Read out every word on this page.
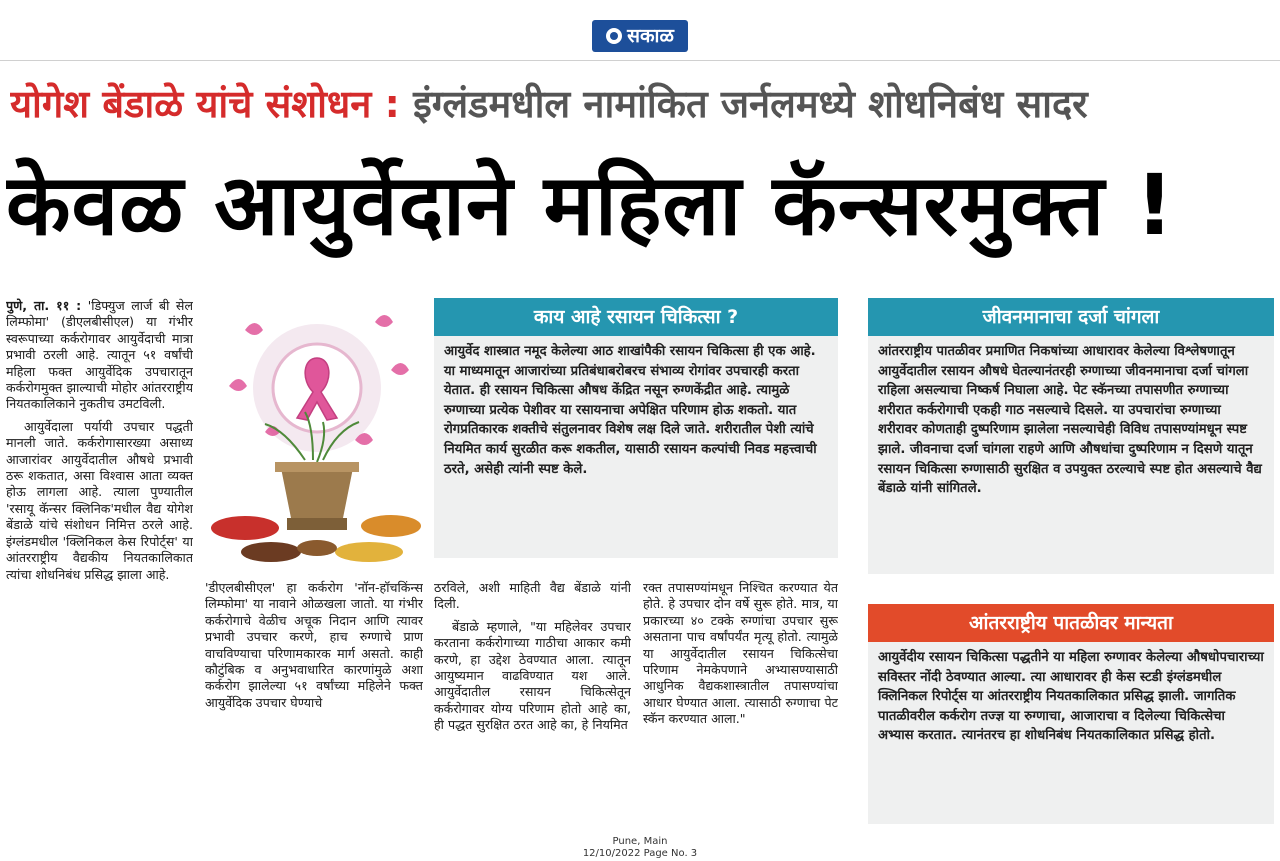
सकाळ
योगेश बेंडाळे यांचे संशोधन : इंग्लंडमधील नामांकित जर्नलमध्ये शोधनिबंध सादर
केवळ आयुर्वेदाने महिला कॅन्सरमुक्त !

पुणे, ता. ११ : 'डिफ्युज लार्ज बी सेल लिम्फोमा' (डीएलबीसीएल) या गंभीर स्वरूपाच्या कर्करोगावर आयुर्वेदाची मात्रा प्रभावी ठरली आहे. त्यातून ५१ वर्षांची महिला फक्त आयुर्वेदिक उपचारातून कर्करोगमुक्त झाल्याची मोहोर आंतरराष्ट्रीय नियतकालिकाने नुकतीच उमटविली.

आयुर्वेदाला पर्यायी उपचार पद्धती मानली जाते. कर्करोगासारख्या असाध्य आजारांवर आयुर्वेदातील औषधे प्रभावी ठरू शकतात, असा विश्वास आता व्यक्त होऊ लागला आहे. त्याला पुण्यातील 'रसायू कॅन्सर क्लिनिक'मधील वैद्य योगेश बेंडाळे यांचे संशोधन निमित्त ठरले आहे. इंग्लंडमधील 'क्लिनिकल केस रिपोर्ट्स' या आंतरराष्ट्रीय वैद्यकीय नियतकालिकात त्यांचा शोधनिबंध प्रसिद्ध झाला आहे.

'डीएलबीसीएल' हा कर्करोग 'नॉन-हॉचकिंन्स लिम्फोमा' या नावाने ओळखला जातो. या गंभीर कर्करोगाचे वेळीच अचूक निदान आणि त्यावर प्रभावी उपचार करणे, हाच रुग्णाचे प्राण वाचविण्याचा परिणामकारक मार्ग असतो. काही कौटुंबिक व अनुभवाधारित कारणांमुळे अशा कर्करोग झालेल्या ५१ वर्षांच्या महिलेने फक्त आयुर्वेदिक उपचार घेण्याचे

ठरविले, अशी माहिती वैद्य बेंडाळे यांनी दिली.

बेंडाळे म्हणाले, "या महिलेवर उपचार करताना कर्करोगाच्या गाठीचा आकार कमी करणे, हा उद्देश ठेवण्यात आला. त्यातून आयुष्यमान वाढविण्यात यश आले. आयुर्वेदातील रसायन चिकित्सेतून कर्करोगावर योग्य परिणाम होतो आहे का, ही पद्धत सुरक्षित ठरत आहे का, हे नियमित

रक्त तपासण्यांमधून निश्चित करण्यात येत होते. हे उपचार दोन वर्षे सुरू होते. मात्र, या प्रकारच्या ४० टक्के रुग्णांचा उपचार सुरू असताना पाच वर्षांपर्यंत मृत्यू होतो. त्यामुळे या आयुर्वेदातील रसायन चिकित्सेचा परिणाम नेमकेपणाने अभ्यासण्यासाठी आधुनिक वैद्यकशास्त्रातील तपासण्यांचा आधार घेण्यात आला. त्यासाठी रुग्णाचा पेट स्कॅन करण्यात आला."

काय आहे रसायन चिकित्सा ?
आयुर्वेद शास्त्रात नमूद केलेल्या आठ शाखांपैकी रसायन चिकित्सा ही एक आहे. या माध्यमातून आजारांच्या प्रतिबंधाबरोबरच संभाव्य रोगांवर उपचारही करता येतात. ही रसायन चिकित्सा औषध केंद्रित नसून रुग्णकेंद्रीत आहे. त्यामुळे रुग्णाच्या प्रत्येक पेशीवर या रसायनाचा अपेक्षित परिणाम होऊ शकतो. यात रोगप्रतिकारक शक्तीचे संतुलनावर विशेष लक्ष दिले जाते. शरीरातील पेशी त्यांचे नियमित कार्य सुरळीत करू शकतील, यासाठी रसायन कल्पांची निवड महत्त्वाची ठरते, असेही त्यांनी स्पष्ट केले.
जीवनमानाचा दर्जा चांगला
आंतरराष्ट्रीय पातळीवर प्रमाणित निकषांच्या आधारावर केलेल्या विश्लेषणातून आयुर्वेदातील रसायन औषधे घेतल्यानंतरही रुग्णाच्या जीवनमानाचा दर्जा चांगला राहिला असल्याचा निष्कर्ष निघाला आहे. पेट स्कॅनच्या तपासणीत रुग्णाच्या शरीरात कर्करोगाची एकही गाठ नसल्याचे दिसले. या उपचारांचा रुग्णाच्या शरीरावर कोणताही दुष्परिणाम झालेला नसल्याचेही विविध तपासण्यांमधून स्पष्ट झाले. जीवनाचा दर्जा चांगला राहणे आणि औषधांचा दुष्परिणाम न दिसणे यातून रसायन चिकित्सा रुग्णासाठी सुरक्षित व उपयुक्त ठरल्याचे स्पष्ट होत असल्याचे वैद्य बेंडाळे यांनी सांगितले.
आंतरराष्ट्रीय पातळीवर मान्यता
आयुर्वेदीय रसायन चिकित्सा पद्धतीने या महिला रुग्णावर केलेल्या औषधोपचाराच्या सविस्तर नोंदी ठेवण्यात आल्या. त्या आधारावर ही केस स्टडी इंग्लंडमधील क्लिनिकल रिपोर्ट्स या आंतरराष्ट्रीय नियतकालिकात प्रसिद्ध झाली. जागतिक पातळीवरील कर्करोग तज्ज्ञ या रुग्णाचा, आजाराचा व दिलेल्या चिकित्सेचा अभ्यास करतात. त्यानंतरच हा शोधनिबंध नियतकालिकात प्रसिद्ध होतो.
Pune, Main
12/10/2022 Page No. 3
